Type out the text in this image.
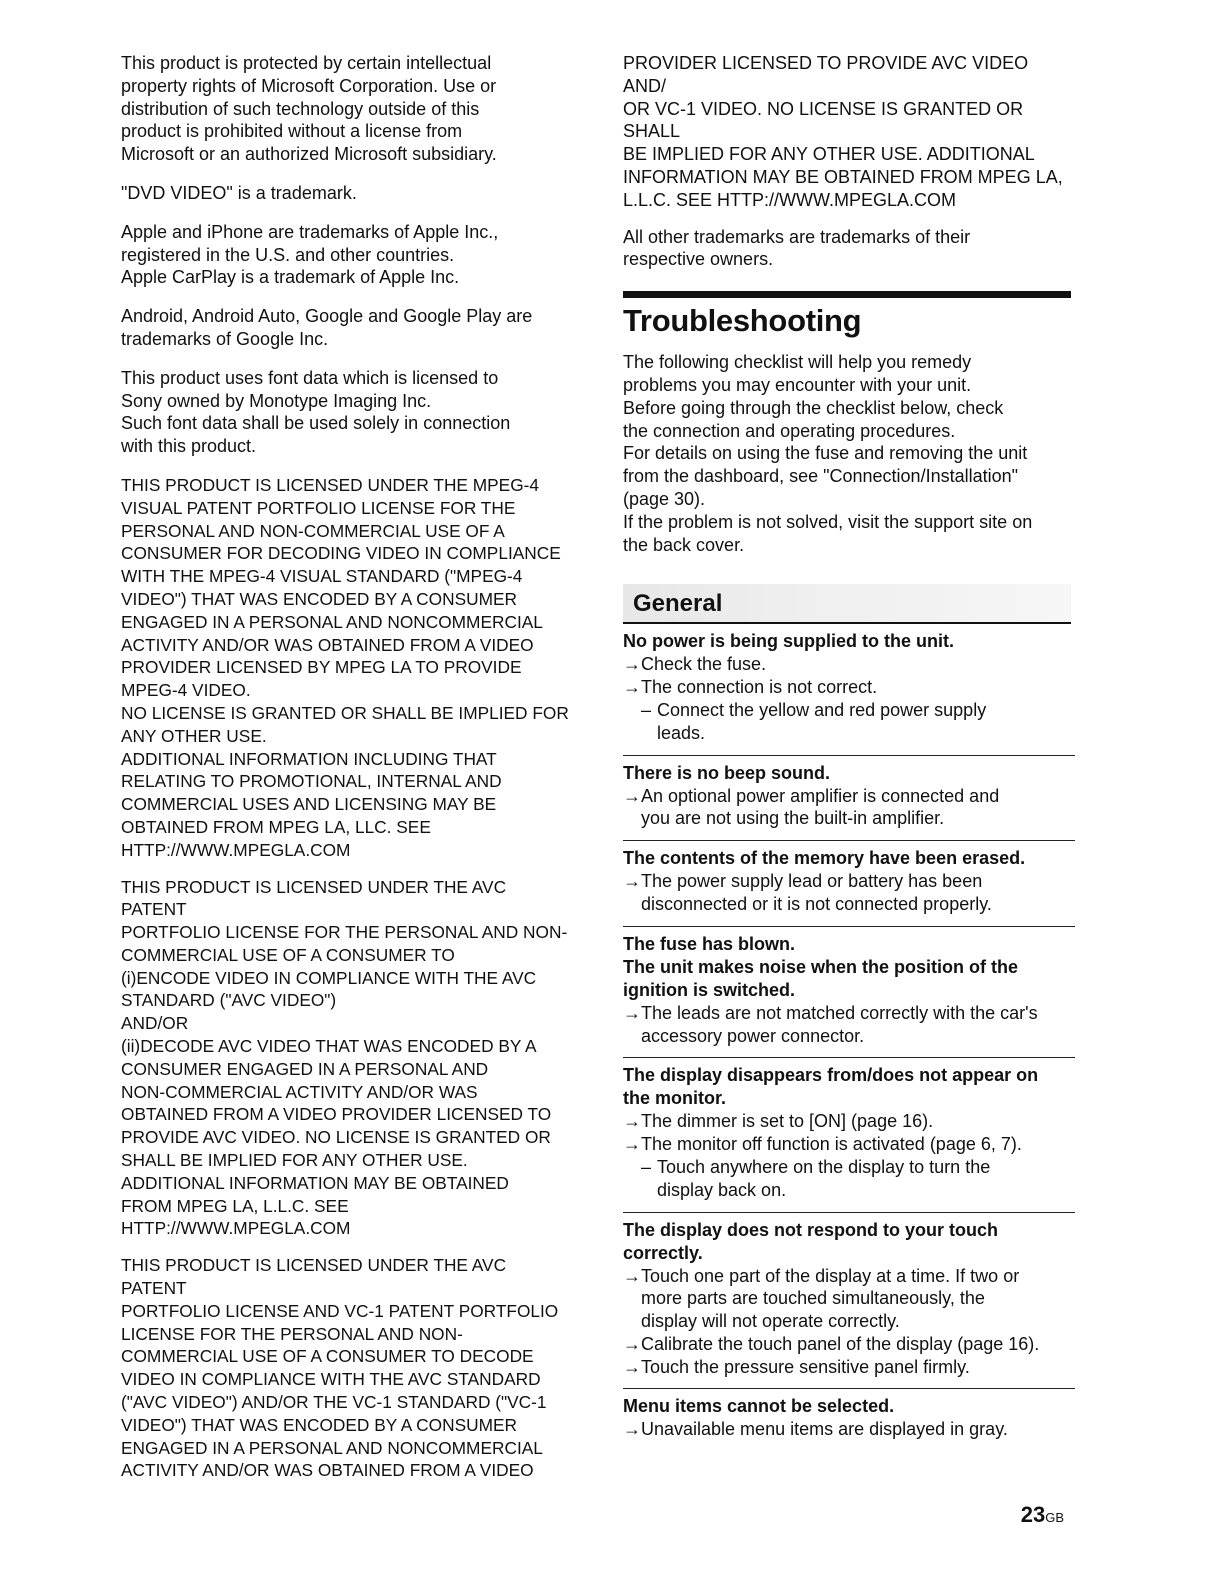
This product is protected by certain intellectual
property rights of Microsoft Corporation. Use or
distribution of such technology outside of this
product is prohibited without a license from
Microsoft or an authorized Microsoft subsidiary.

"DVD VIDEO" is a trademark.

Apple and iPhone are trademarks of Apple Inc.,
registered in the U.S. and other countries.
Apple CarPlay is a trademark of Apple Inc.

Android, Android Auto, Google and Google Play are
trademarks of Google Inc.

This product uses font data which is licensed to
Sony owned by Monotype Imaging Inc.
Such font data shall be used solely in connection
with this product.

THIS PRODUCT IS LICENSED UNDER THE MPEG-4
VISUAL PATENT PORTFOLIO LICENSE FOR THE
PERSONAL AND NON-COMMERCIAL USE OF A
CONSUMER FOR DECODING VIDEO IN COMPLIANCE
WITH THE MPEG-4 VISUAL STANDARD ("MPEG-4
VIDEO") THAT WAS ENCODED BY A CONSUMER
ENGAGED IN A PERSONAL AND NONCOMMERCIAL
ACTIVITY AND/OR WAS OBTAINED FROM A VIDEO
PROVIDER LICENSED BY MPEG LA TO PROVIDE
MPEG-4 VIDEO.
NO LICENSE IS GRANTED OR SHALL BE IMPLIED FOR
ANY OTHER USE.
ADDITIONAL INFORMATION INCLUDING THAT
RELATING TO PROMOTIONAL, INTERNAL AND
COMMERCIAL USES AND LICENSING MAY BE
OBTAINED FROM MPEG LA, LLC. SEE
HTTP://WWW.MPEGLA.COM

THIS PRODUCT IS LICENSED UNDER THE AVC PATENT
PORTFOLIO LICENSE FOR THE PERSONAL AND NON-
COMMERCIAL USE OF A CONSUMER TO
(i)ENCODE VIDEO IN COMPLIANCE WITH THE AVC
STANDARD ("AVC VIDEO")
AND/OR
(ii)DECODE AVC VIDEO THAT WAS ENCODED BY A
CONSUMER ENGAGED IN A PERSONAL AND
NON-COMMERCIAL ACTIVITY AND/OR WAS
OBTAINED FROM A VIDEO PROVIDER LICENSED TO
PROVIDE AVC VIDEO. NO LICENSE IS GRANTED OR
SHALL BE IMPLIED FOR ANY OTHER USE.
ADDITIONAL INFORMATION MAY BE OBTAINED
FROM MPEG LA, L.L.C. SEE
HTTP://WWW.MPEGLA.COM

THIS PRODUCT IS LICENSED UNDER THE AVC PATENT
PORTFOLIO LICENSE AND VC-1 PATENT PORTFOLIO
LICENSE FOR THE PERSONAL AND NON-
COMMERCIAL USE OF A CONSUMER TO DECODE
VIDEO IN COMPLIANCE WITH THE AVC STANDARD
("AVC VIDEO") AND/OR THE VC-1 STANDARD ("VC-1
VIDEO") THAT WAS ENCODED BY A CONSUMER
ENGAGED IN A PERSONAL AND NONCOMMERCIAL
ACTIVITY AND/OR WAS OBTAINED FROM A VIDEO

PROVIDER LICENSED TO PROVIDE AVC VIDEO AND/
OR VC-1 VIDEO. NO LICENSE IS GRANTED OR SHALL
BE IMPLIED FOR ANY OTHER USE. ADDITIONAL
INFORMATION MAY BE OBTAINED FROM MPEG LA,
L.L.C. SEE HTTP://WWW.MPEGLA.COM

All other trademarks are trademarks of their
respective owners.

Troubleshooting

The following checklist will help you remedy
problems you may encounter with your unit.
Before going through the checklist below, check
the connection and operating procedures.
For details on using the fuse and removing the unit
from the dashboard, see "Connection/Installation"
(page 30).
If the problem is not solved, visit the support site on
the back cover.

General
No power is being supplied to the unit.
→ Check the fuse.
→ The connection is not correct.
– Connect the yellow and red power supply
leads.
There is no beep sound.
→ An optional power amplifier is connected and
you are not using the built-in amplifier.
The contents of the memory have been erased.
→ The power supply lead or battery has been
disconnected or it is not connected properly.
The fuse has blown.
The unit makes noise when the position of the
ignition is switched.
→ The leads are not matched correctly with the car's
accessory power connector.
The display disappears from/does not appear on
the monitor.
→ The dimmer is set to [ON] (page 16).
→ The monitor off function is activated (page 6, 7).
– Touch anywhere on the display to turn the
display back on.
The display does not respond to your touch
correctly.
→ Touch one part of the display at a time. If two or
more parts are touched simultaneously, the
display will not operate correctly.
→ Calibrate the touch panel of the display (page 16).
→ Touch the pressure sensitive panel firmly.
Menu items cannot be selected.
→ Unavailable menu items are displayed in gray.
23GB
